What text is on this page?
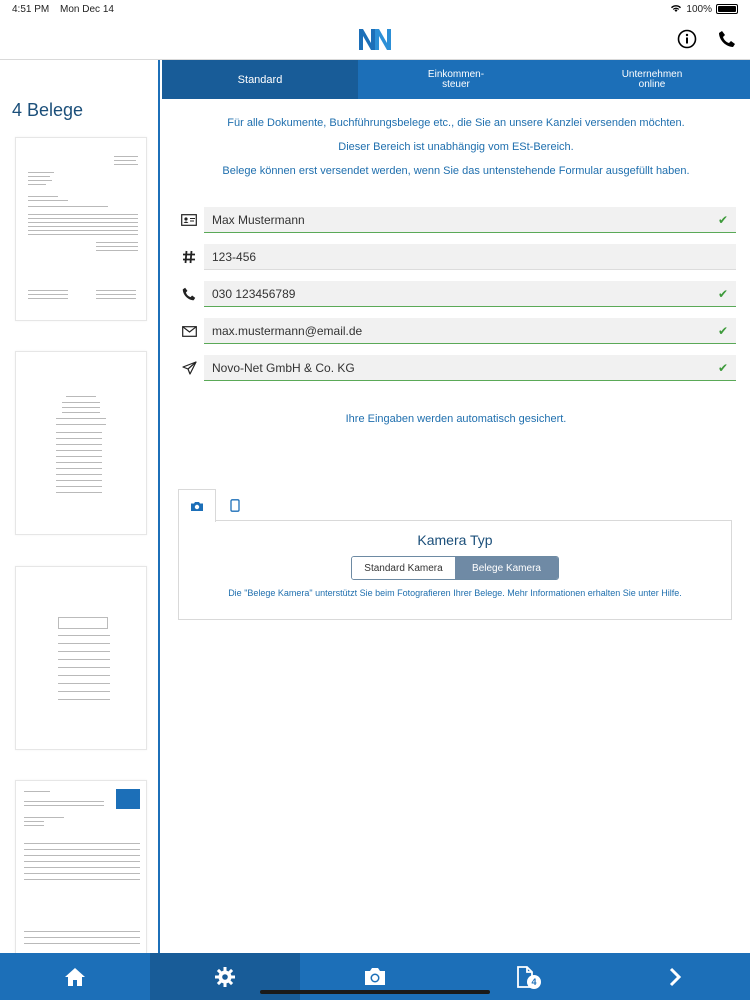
4:51 PM Mon Dec 14	100%
4 Belege
Standard	Einkommen-
steuer
Unternehmen
online

Für alle Dokumente, Buchführungsbelege etc., die Sie an unsere Kanzlei versenden möchten.

Dieser Bereich ist unabhängig vom ESt-Bereich.

Belege können erst versendet werden, wenn Sie das untenstehende Formular ausgefüllt haben.

Max Mustermann	✔
123-456
030 123456789	✔
max.mustermann@email.de	✔
Novo-Net GmbH & Co. KG	✔
Ihre Eingaben werden automatisch gesichert.
Kamera Typ
Standard Kamera	Belege Kamera

Die "Belege Kamera" unterstützt Sie beim Fotografieren Ihrer Belege. Mehr Informationen erhalten Sie unter Hilfe.

4
